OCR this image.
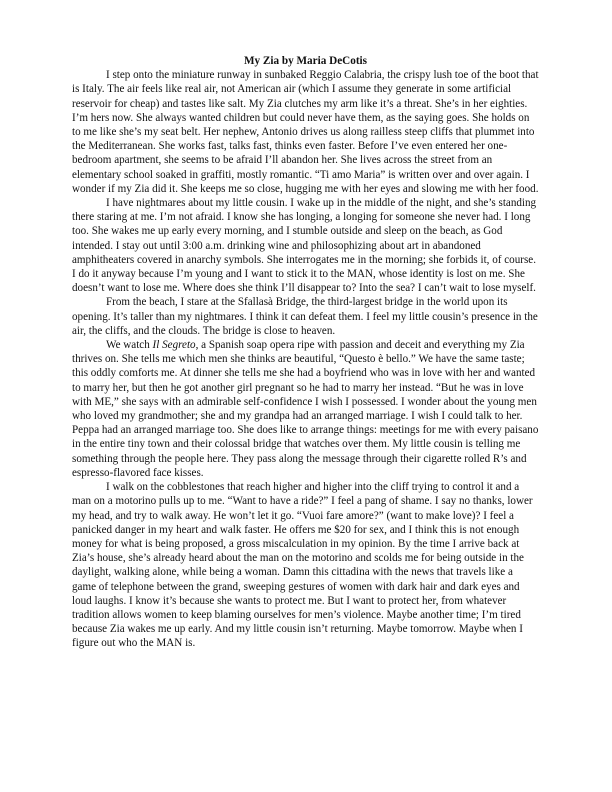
My Zia by Maria DeCotis

I step onto the miniature runway in sunbaked Reggio Calabria, the crispy lush toe of the boot that is Italy. The air feels like real air, not American air (which I assume they generate in some artificial reservoir for cheap) and tastes like salt. My Zia clutches my arm like it’s a threat. She’s in her eighties. I’m hers now. She always wanted children but could never have them, as the saying goes. She holds on to me like she’s my seat belt. Her nephew, Antonio drives us along railless steep cliffs that plummet into the Mediterranean. She works fast, talks fast, thinks even faster. Before I’ve even entered her one-bedroom apartment, she seems to be afraid I’ll abandon her. She lives across the street from an elementary school soaked in graffiti, mostly romantic. “Ti amo Maria” is written over and over again. I wonder if my Zia did it. She keeps me so close, hugging me with her eyes and slowing me with her food.

I have nightmares about my little cousin. I wake up in the middle of the night, and she’s standing there staring at me. I’m not afraid. I know she has longing, a longing for someone she never had. I long too. She wakes me up early every morning, and I stumble outside and sleep on the beach, as God intended. I stay out until 3:00 a.m. drinking wine and philosophizing about art in abandoned amphitheaters covered in anarchy symbols. She interrogates me in the morning; she forbids it, of course. I do it anyway because I’m young and I want to stick it to the MAN, whose identity is lost on me. She doesn’t want to lose me. Where does she think I’ll disappear to? Into the sea? I can’t wait to lose myself.

From the beach, I stare at the Sfallasà Bridge, the third-largest bridge in the world upon its opening. It’s taller than my nightmares. I think it can defeat them. I feel my little cousin’s presence in the air, the cliffs, and the clouds. The bridge is close to heaven.

We watch Il Segreto, a Spanish soap opera ripe with passion and deceit and everything my Zia thrives on. She tells me which men she thinks are beautiful, “Questo è bello.” We have the same taste; this oddly comforts me. At dinner she tells me she had a boyfriend who was in love with her and wanted to marry her, but then he got another girl pregnant so he had to marry her instead. “But he was in love with ME,” she says with an admirable self-confidence I wish I possessed. I wonder about the young men who loved my grandmother; she and my grandpa had an arranged marriage. I wish I could talk to her. Peppa had an arranged marriage too. She does like to arrange things: meetings for me with every paisano in the entire tiny town and their colossal bridge that watches over them. My little cousin is telling me something through the people here. They pass along the message through their cigarette rolled R’s and espresso-flavored face kisses.

I walk on the cobblestones that reach higher and higher into the cliff trying to control it and a man on a motorino pulls up to me. “Want to have a ride?” I feel a pang of shame. I say no thanks, lower my head, and try to walk away. He won’t let it go. “Vuoi fare amore?” (want to make love)? I feel a panicked danger in my heart and walk faster. He offers me $20 for sex, and I think this is not enough money for what is being proposed, a gross miscalculation in my opinion. By the time I arrive back at Zia’s house, she’s already heard about the man on the motorino and scolds me for being outside in the daylight, walking alone, while being a woman. Damn this cittadina with the news that travels like a game of telephone between the grand, sweeping gestures of women with dark hair and dark eyes and loud laughs. I know it’s because she wants to protect me. But I want to protect her, from whatever tradition allows women to keep blaming ourselves for men’s violence. Maybe another time; I’m tired because Zia wakes me up early. And my little cousin isn’t returning. Maybe tomorrow. Maybe when I figure out who the MAN is.
